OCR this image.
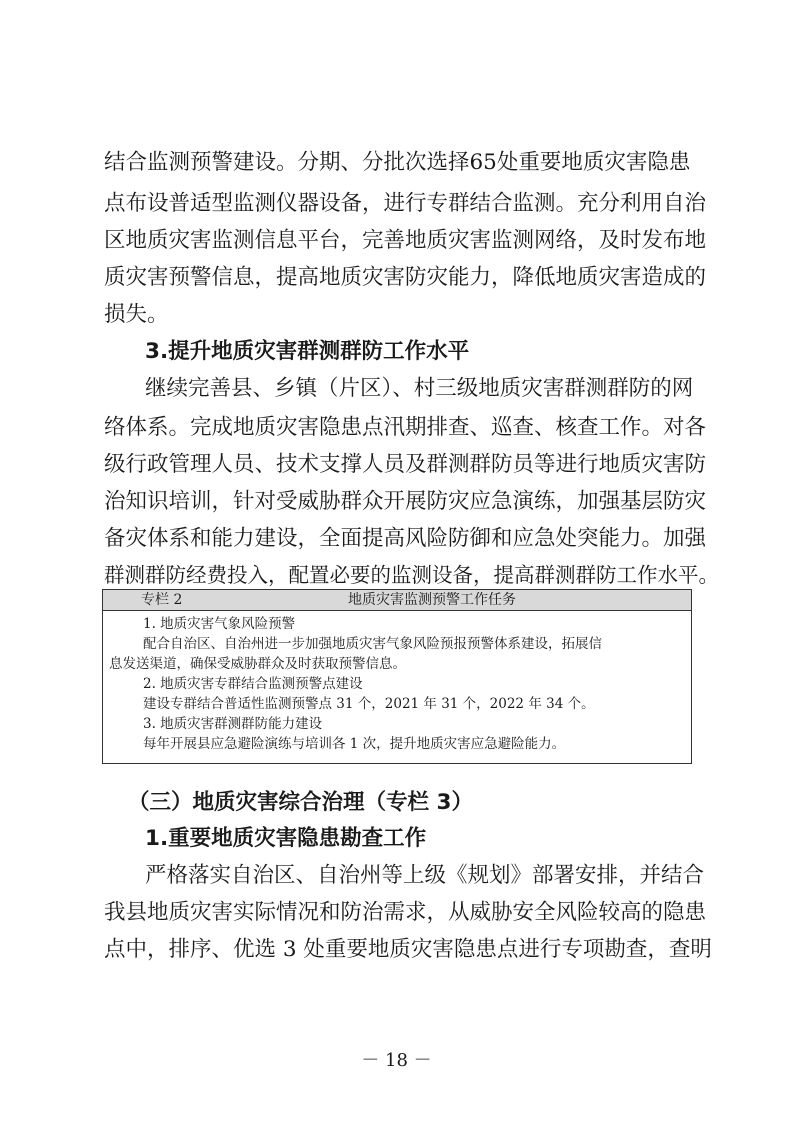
结合监测预警建设。分期、分批次选择65处重要地质灾害隐患
点布设普适型监测仪器设备，进行专群结合监测。充分利用自治
区地质灾害监测信息平台，完善地质灾害监测网络，及时发布地
质灾害预警信息，提高地质灾害防灾能力，降低地质灾害造成的
损失。
3.提升地质灾害群测群防工作水平
继续完善县、乡镇（片区）、村三级地质灾害群测群防的网
络体系。完成地质灾害隐患点汛期排查、巡查、核查工作。对各
级行政管理人员、技术支撑人员及群测群防员等进行地质灾害防
治知识培训，针对受威胁群众开展防灾应急演练，加强基层防灾
备灾体系和能力建设，全面提高风险防御和应急处突能力。加强
群测群防经费投入，配置必要的监测设备，提高群测群防工作水平。
专栏 2	地质灾害监测预警工作任务
1. 地质灾害气象风险预警
配合自治区、自治州进一步加强地质灾害气象风险预报预警体系建设，拓展信
息发送渠道，确保受威胁群众及时获取预警信息。
2. 地质灾害专群结合监测预警点建设
建设专群结合普适性监测预警点 31 个，2021 年 31 个，2022 年 34 个。
3. 地质灾害群测群防能力建设
每年开展县应急避险演练与培训各 1 次，提升地质灾害应急避险能力。
（三）地质灾害综合治理（专栏 3）
1.重要地质灾害隐患勘查工作
严格落实自治区、自治州等上级《规划》部署安排，并结合
我县地质灾害实际情况和防治需求，从威胁安全风险较高的隐患
点中，排序、优选 3 处重要地质灾害隐患点进行专项勘查，查明
－ 18 －
